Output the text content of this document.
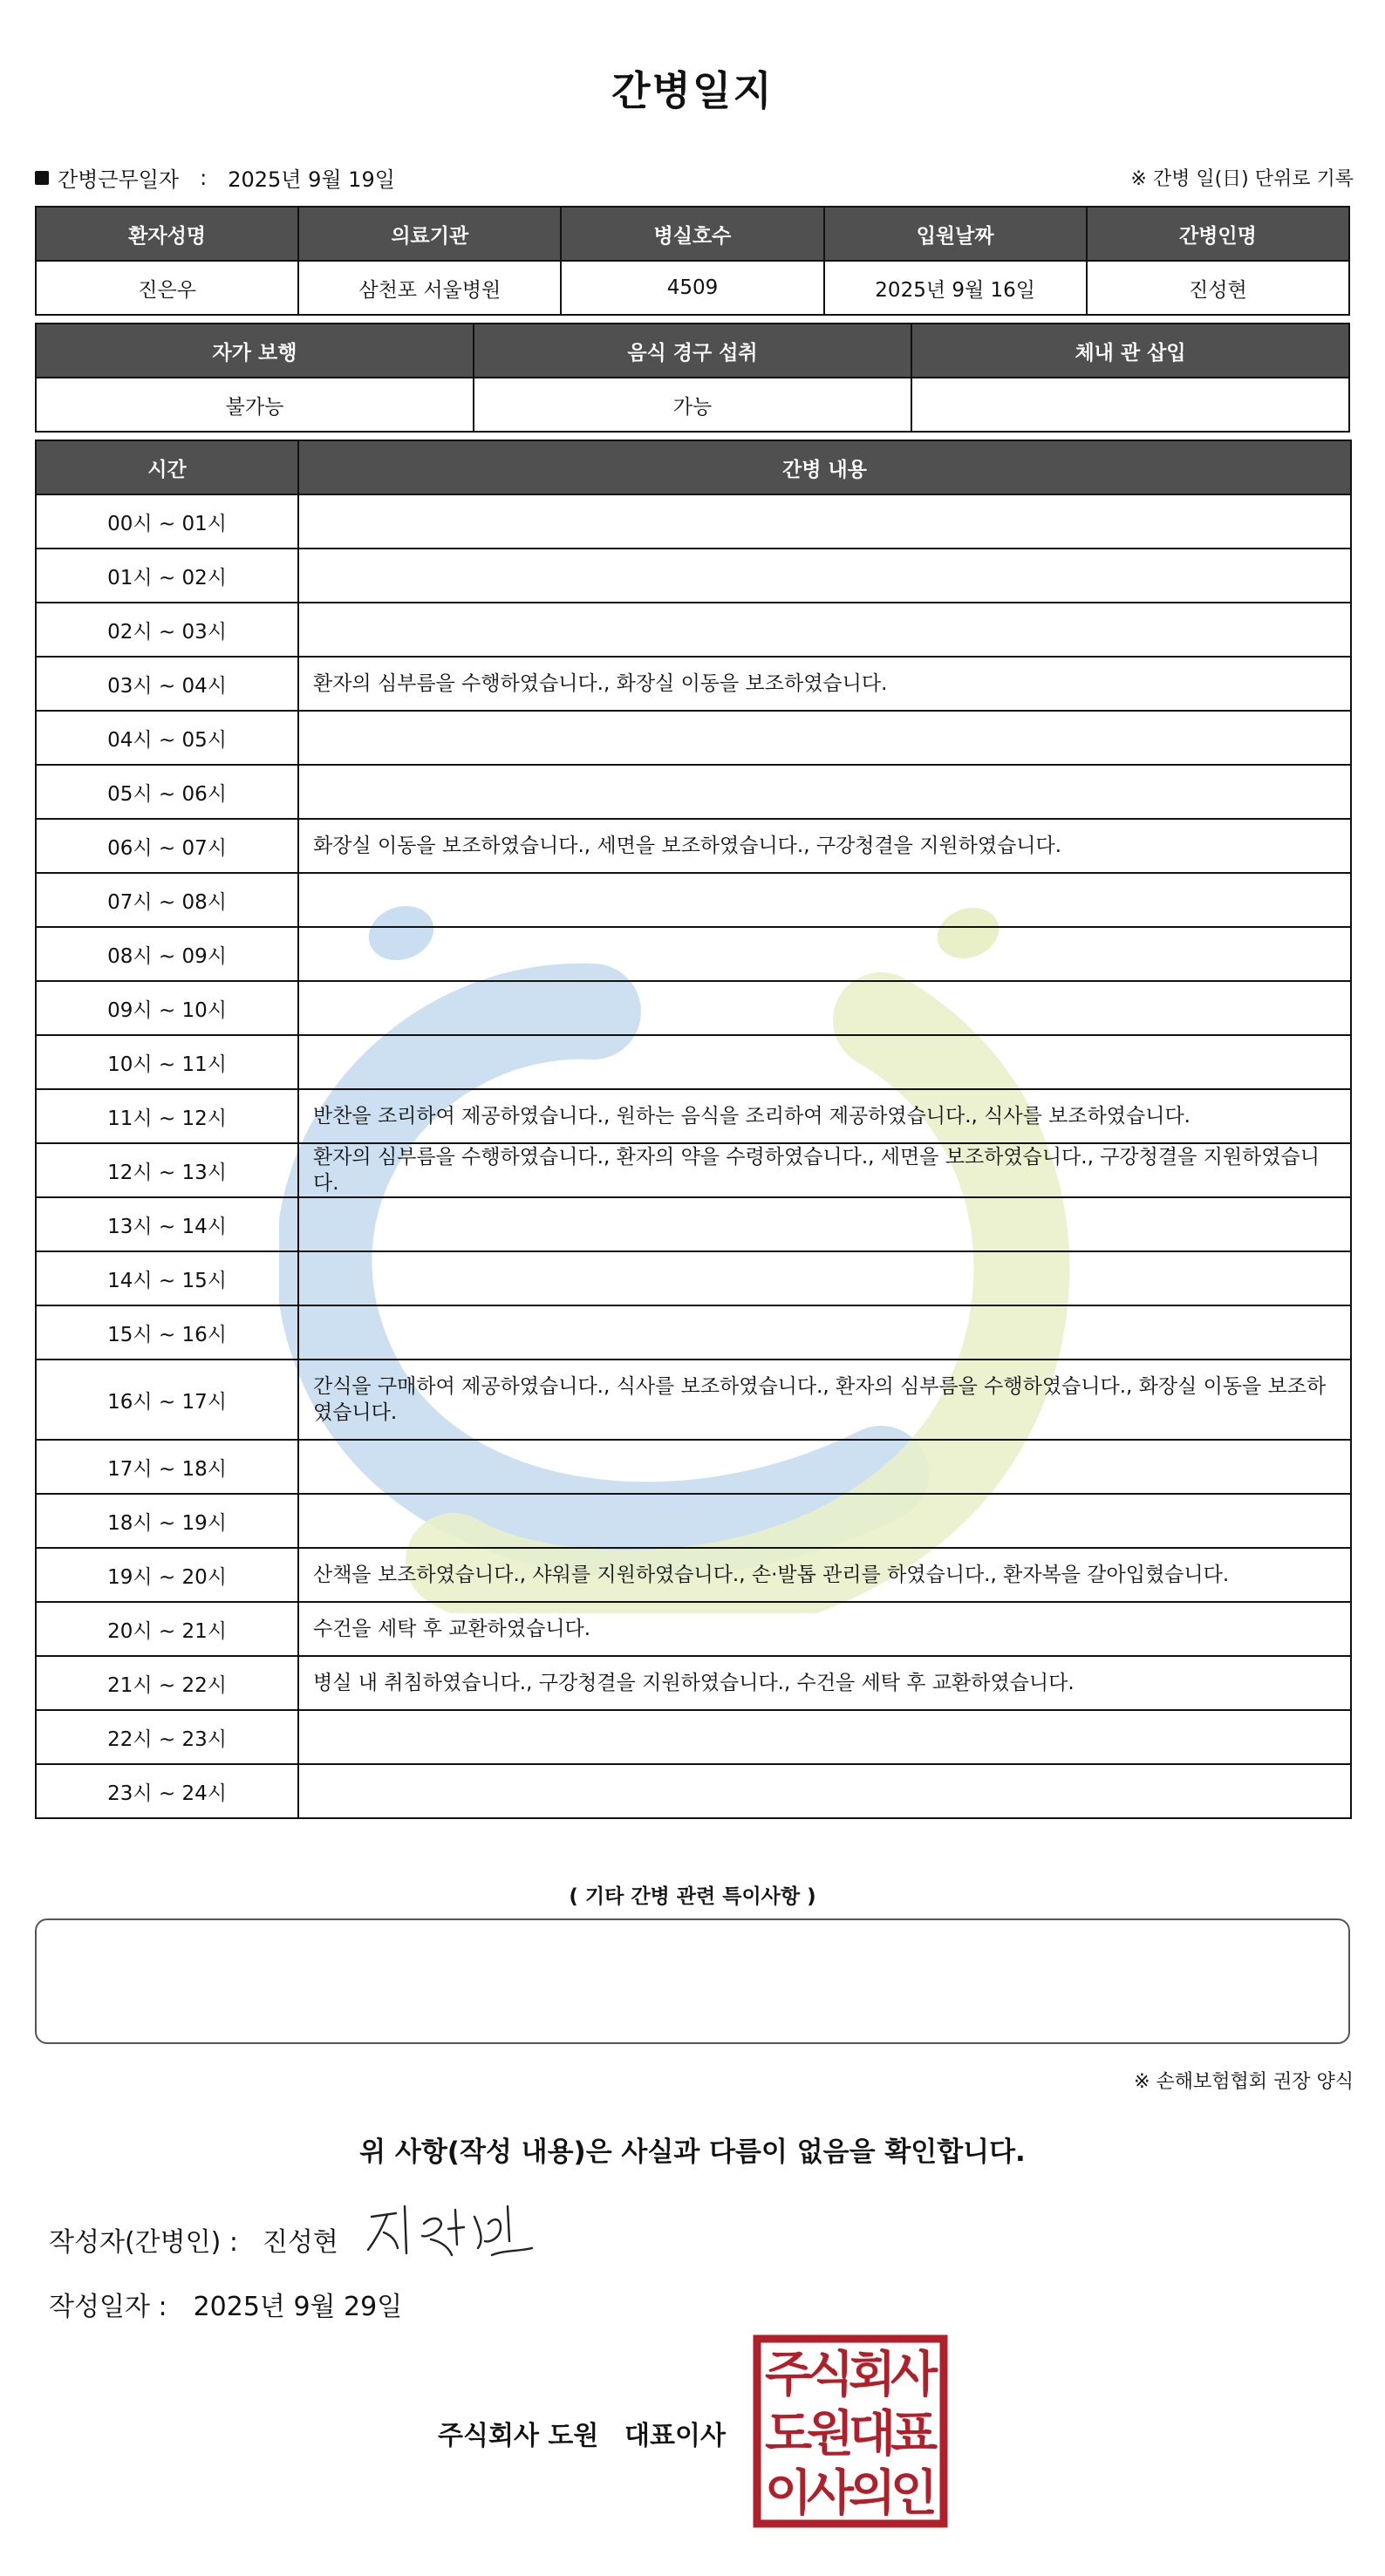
간병일지
간병근무일자 : 2025년 9월 19일	※ 간병 일(日) 단위로 기록
환자성명	의료기관	병실호수	입원날짜	간병인명
진은우	삼천포 서울병원	4509	2025년 9월 16일	진성현
자가 보행	음식 경구 섭취	체내 관 삽입
불가능	가능	
시간	간병 내용
00시 ~ 01시	
01시 ~ 02시	
02시 ~ 03시	
03시 ~ 04시	환자의 심부름을 수행하였습니다., 화장실 이동을 보조하였습니다.
04시 ~ 05시	
05시 ~ 06시	
06시 ~ 07시	화장실 이동을 보조하였습니다., 세면을 보조하였습니다., 구강청결을 지원하였습니다.
07시 ~ 08시	
08시 ~ 09시	
09시 ~ 10시	
10시 ~ 11시	
11시 ~ 12시	반찬을 조리하여 제공하였습니다., 원하는 음식을 조리하여 제공하였습니다., 식사를 보조하였습니다.
12시 ~ 13시	환자의 심부름을 수행하였습니다., 환자의 약을 수령하였습니다., 세면을 보조하였습니다., 구강청결을 지원하였습니다.
13시 ~ 14시	
14시 ~ 15시	
15시 ~ 16시	
16시 ~ 17시	간식을 구매하여 제공하였습니다., 식사를 보조하였습니다., 환자의 심부름을 수행하였습니다., 화장실 이동을 보조하였습니다.
17시 ~ 18시	
18시 ~ 19시	
19시 ~ 20시	산책을 보조하였습니다., 샤워를 지원하였습니다., 손·발톱 관리를 하였습니다., 환자복을 갈아입혔습니다.
20시 ~ 21시	수건을 세탁 후 교환하였습니다.
21시 ~ 22시	병실 내 취침하였습니다., 구강청결을 지원하였습니다., 수건을 세탁 후 교환하였습니다.
22시 ~ 23시	
23시 ~ 24시	
( 기타 간병 관련 특이사항 )
※ 손해보험협회 권장 양식
위 사항(작성 내용)은 사실과 다름이 없음을 확인합니다.
작성자(간병인) : 진성현
작성일자 : 2025년 9월 29일
주식회사 도원 대표이사
주
식
회
사
도
원
대
표
이
사
의
인
